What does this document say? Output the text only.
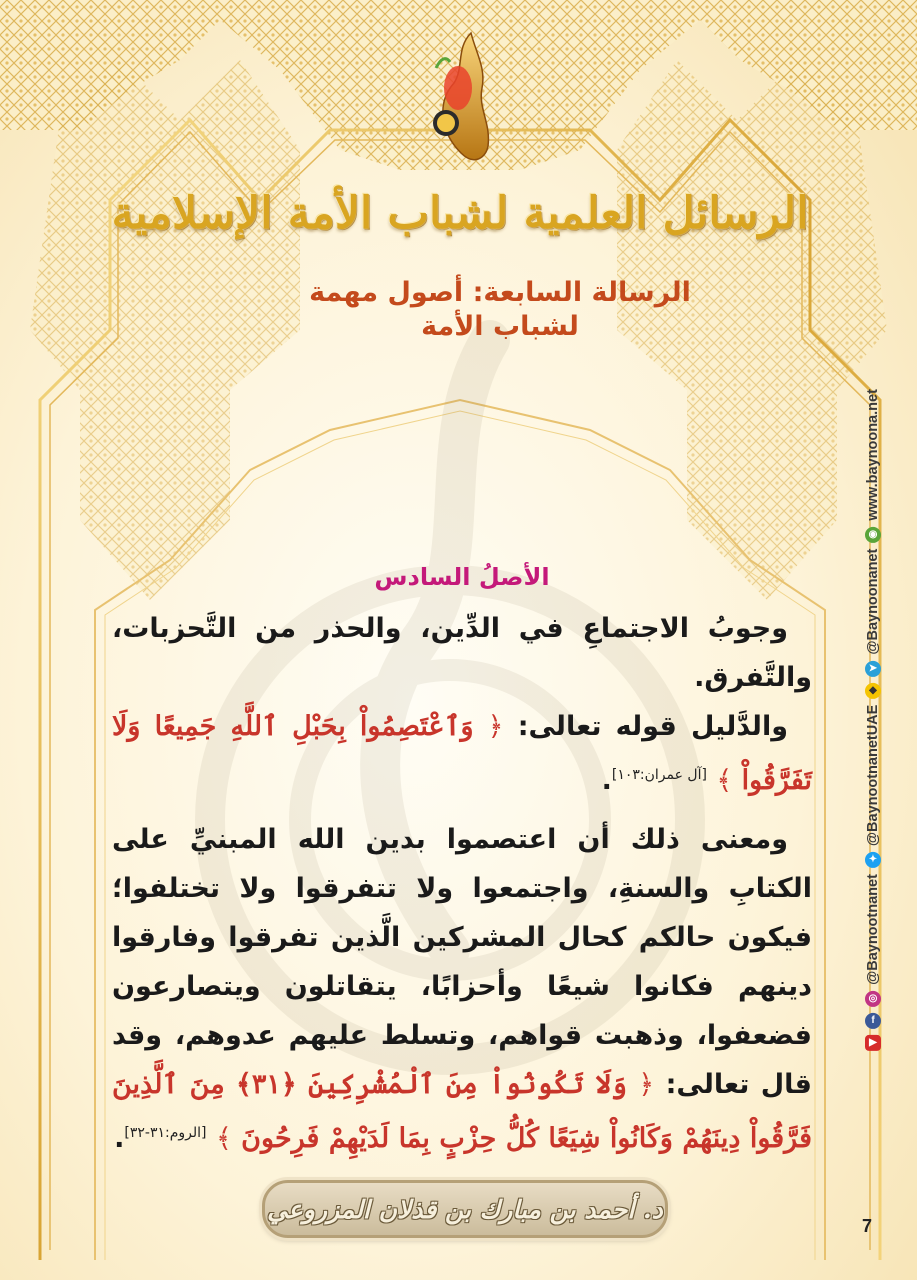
الرسائل العلمية لشباب الأمة الإسلامية
الرسالة السابعة: أصول مهمة
لشباب الأمة
الأصلُ السادس

وجوبُ الاجتماعِ في الدِّين، والحذر من التَّحزبات، والتَّفرق.

والدَّليل قوله تعالى: ﴿ وَٱعْتَصِمُواْ بِحَبْلِ ٱللَّهِ جَمِيعًا وَلَا تَفَرَّقُواْ ﴾ [آل عمران:١٠٣].

ومعنى ذلك أن اعتصموا بدين الله المبنيِّ على الكتابِ والسنةِ، واجتمعوا ولا تتفرقوا ولا تختلفوا؛ فيكون حالكم كحال المشركين الَّذين تفرقوا وفارقوا دينهم فكانوا شيعًا وأحزابًا، يتقاتلون ويتصارعون فضعفوا، وذهبت قواهم، وتسلط عليهم عدوهم، وقد قال تعالى: ﴿ وَلَا تَكُونُواْ مِنَ ٱلْمُشْرِكِينَ ﴿٣١﴾ مِنَ ٱلَّذِينَ فَرَّقُواْ دِينَهُمْ وَكَانُواْ شِيَعًا كُلُّ حِزْبٍ بِمَا لَدَيْهِمْ فَرِحُونَ ﴾ [الروم:٣١-٣٢].

د. أحمد بن مبارك بن قذلان المزروعي
7
▶
f
◎
@Baynootnanet
✦
@BaynootnanetUAE
◆
➤
@Baynoonanet
◉
www.baynoona.net
